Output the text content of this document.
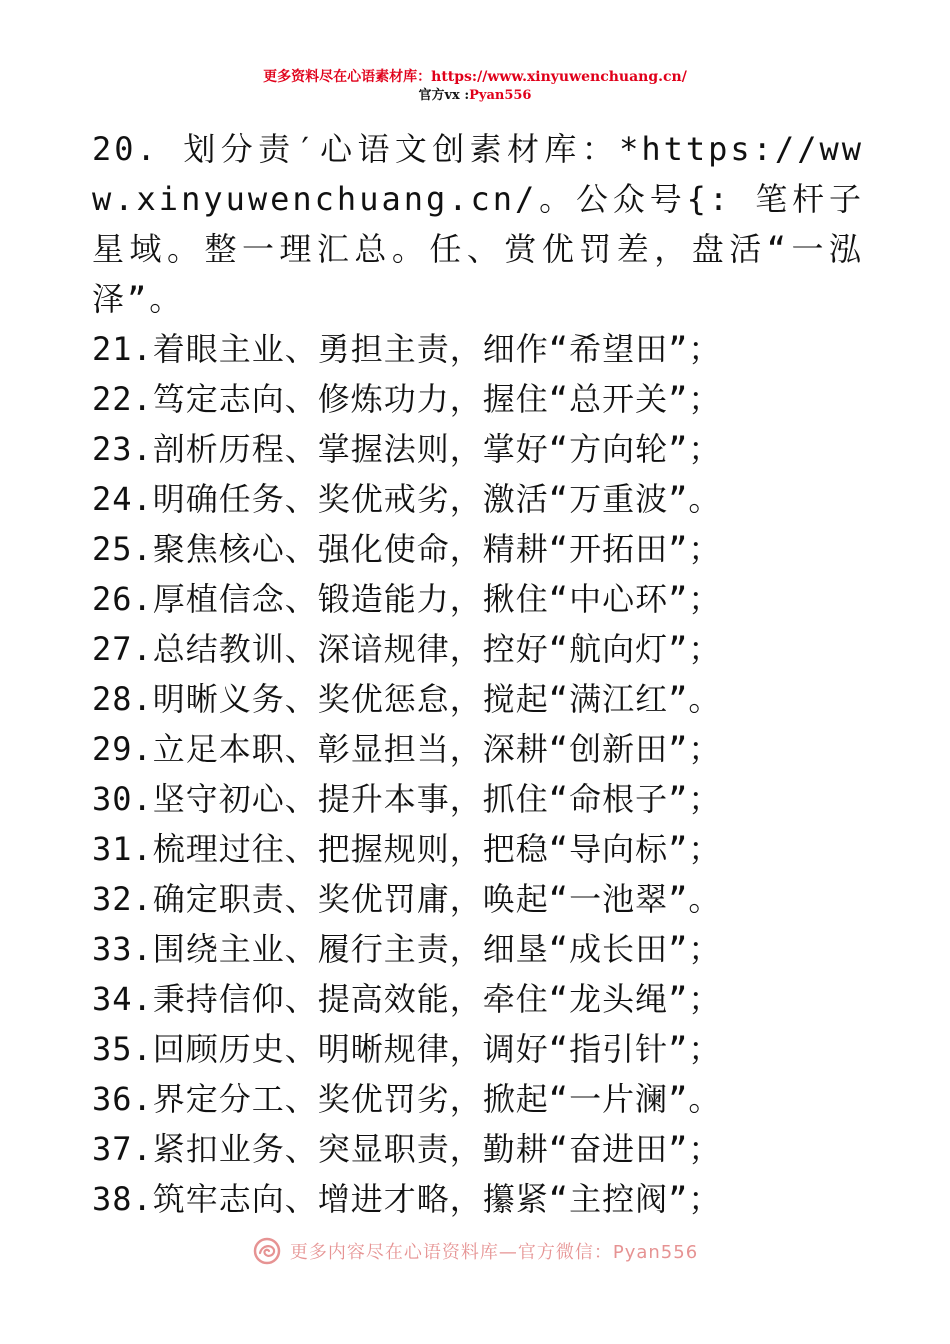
更多资料尽在心语素材库：https://www.xinyuwenchuang.cn/
官方vx :Pyan556
20. 划分责′心语文创素材库：*https://www.xinyuwenchuang.cn/。公众号{: 笔杆子星域。整一理汇总。任、赏优罚差，盘活“一泓泽”。
21.着眼主业、勇担主责，细作“希望田”；
22.笃定志向、修炼功力，握住“总开关”；
23.剖析历程、掌握法则，掌好“方向轮”；
24.明确任务、奖优戒劣，激活“万重波”。
25.聚焦核心、强化使命，精耕“开拓田”；
26.厚植信念、锻造能力，揪住“中心环”；
27.总结教训、深谙规律，控好“航向灯”；
28.明晰义务、奖优惩怠，搅起“满江红”。
29.立足本职、彰显担当，深耕“创新田”；
30.坚守初心、提升本事，抓住“命根子”；
31.梳理过往、把握规则，把稳“导向标”；
32.确定职责、奖优罚庸，唤起“一池翠”。
33.围绕主业、履行主责，细垦“成长田”；
34.秉持信仰、提高效能，牵住“龙头绳”；
35.回顾历史、明晰规律，调好“指引针”；
36.界定分工、奖优罚劣，掀起“一片澜”。
37.紧扣业务、突显职责，勤耕“奋进田”；
38.筑牢志向、增进才略，攥紧“主控阀”；
更多内容尽在心语资料库—官方微信：Pyan556
